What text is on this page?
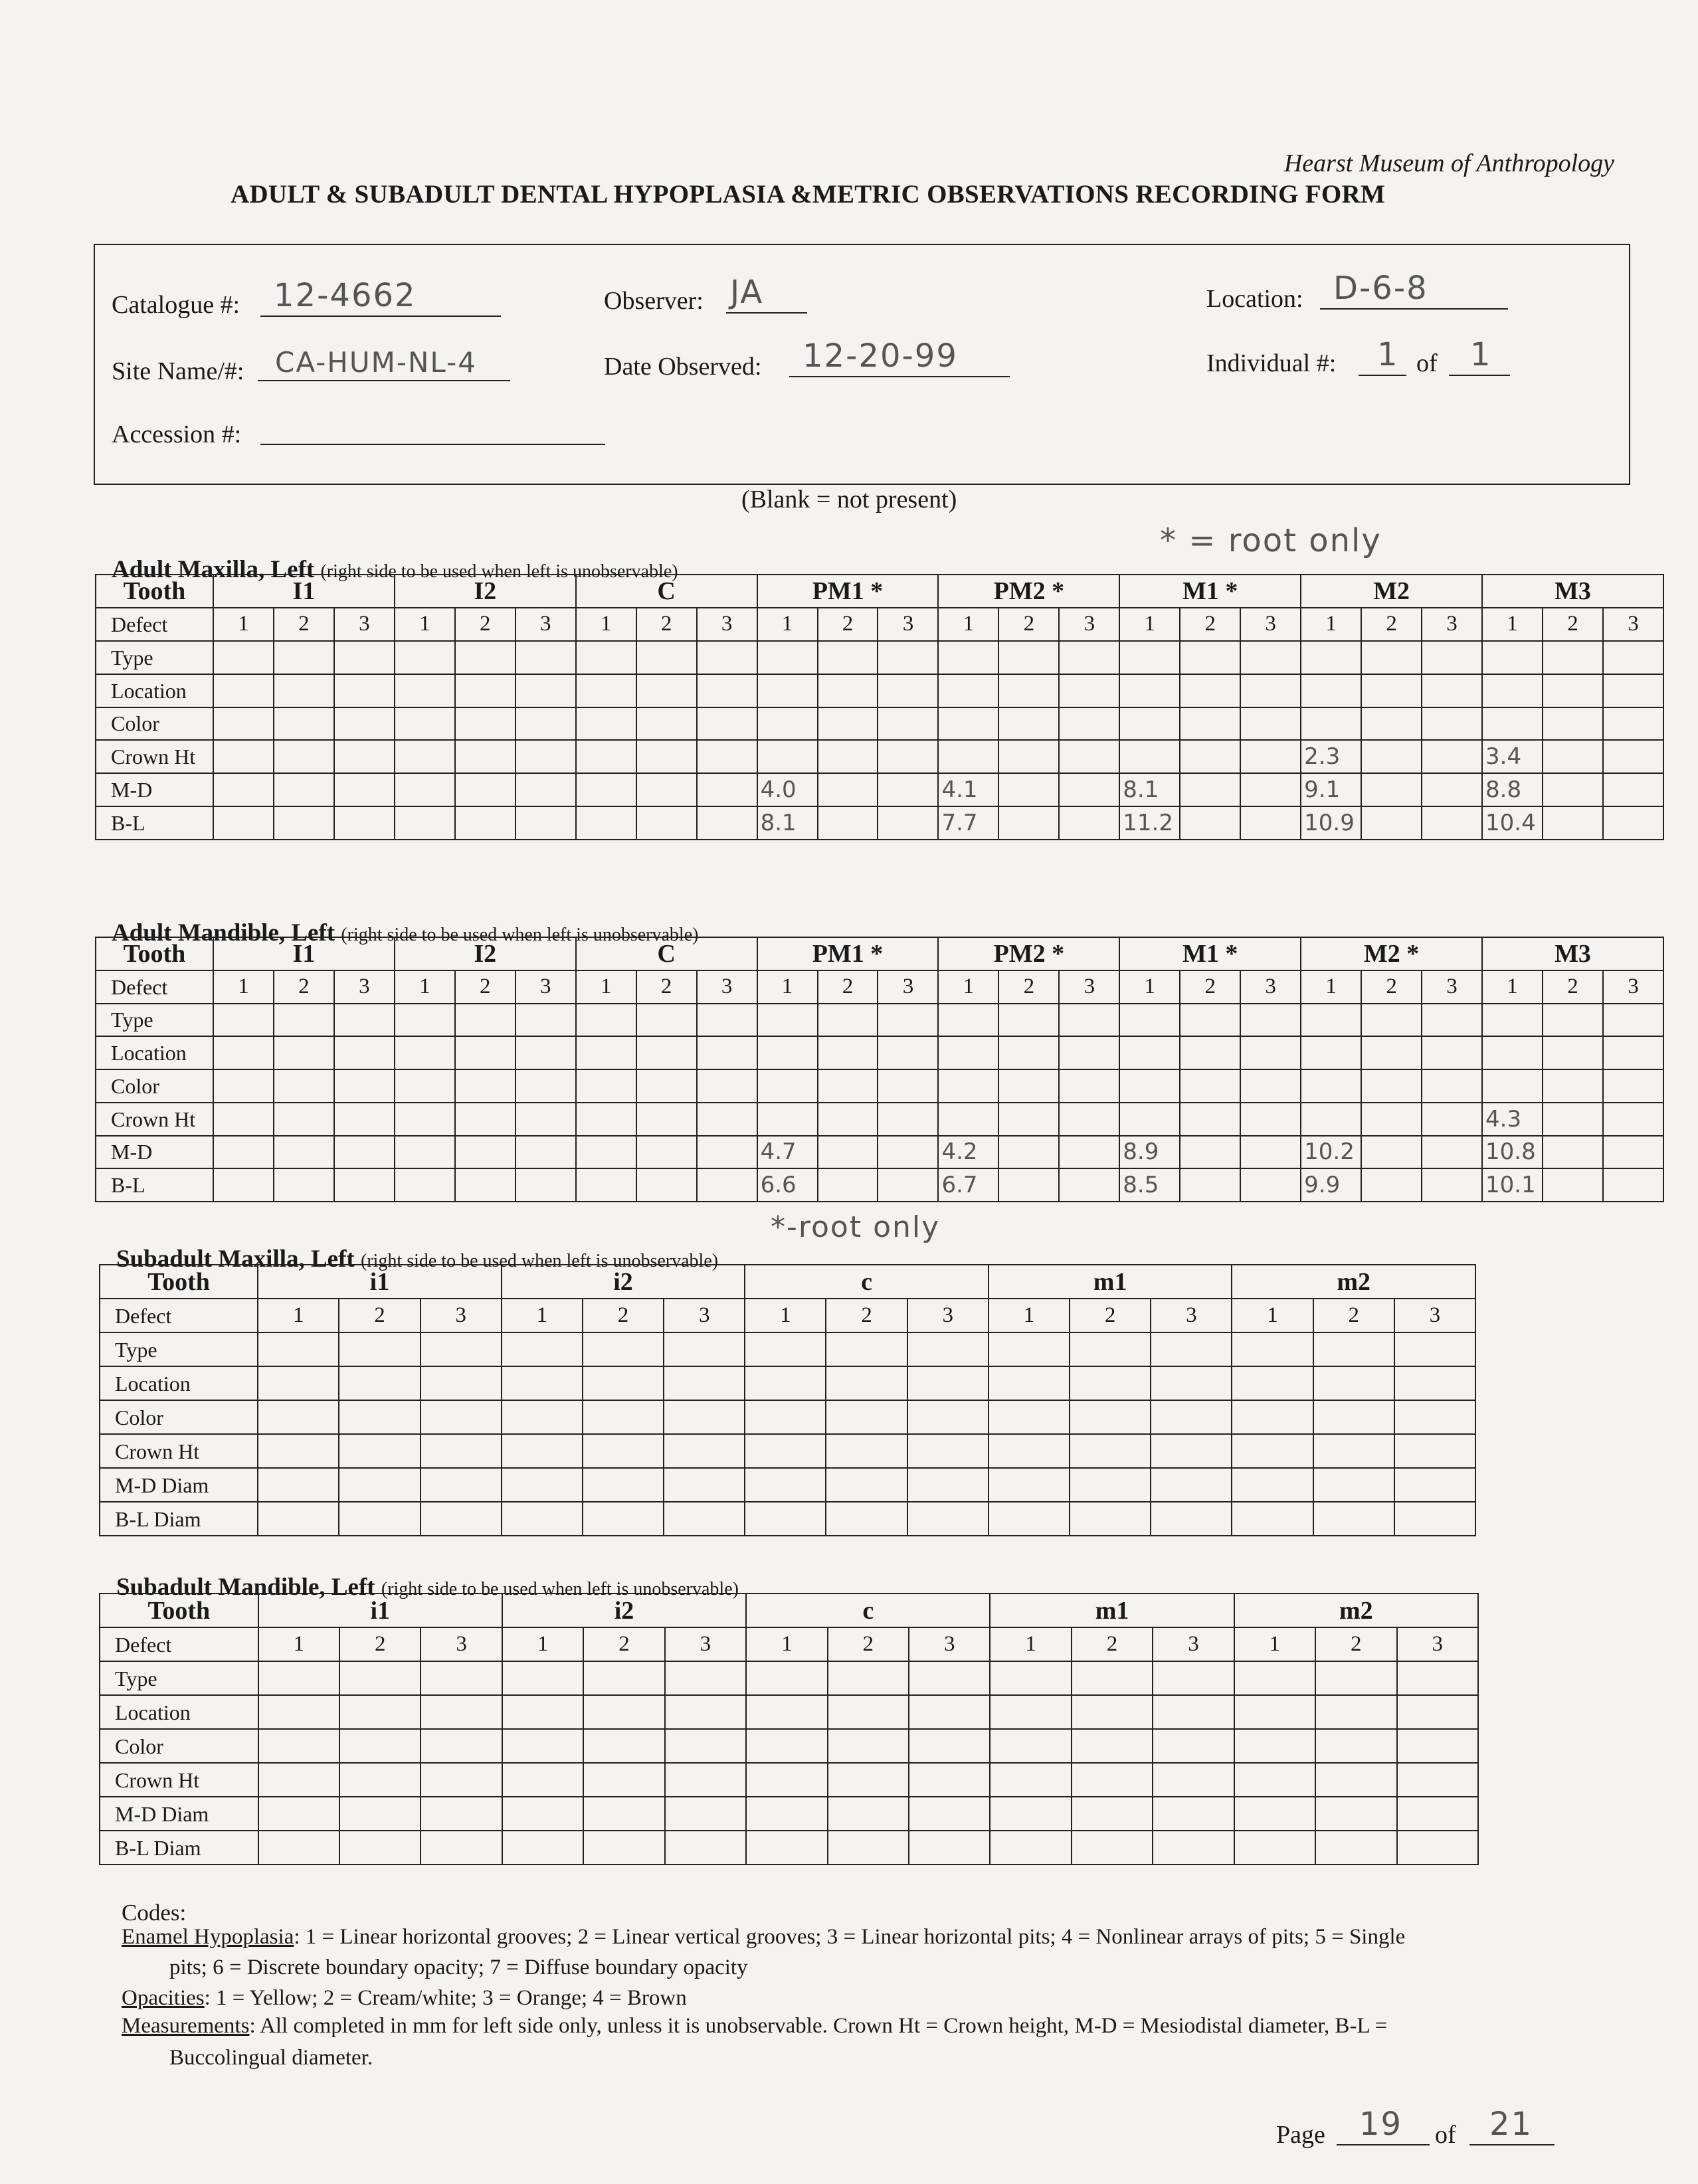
Hearst Museum of Anthropology
ADULT & SUBADULT DENTAL HYPOPLASIA &METRIC OBSERVATIONS RECORDING FORM
Catalogue #: 12-4662	Observer: JA	Location: D-6-8
Site Name/#: CA-HUM-NL-4	Date Observed: 12-20-99	Individual #: 1 of 1
Accession #:
(Blank = not present)
* = root only
Adult Maxilla, Left (right side to be used when left is unobservable)
Adult Mandible, Left (right side to be used when left is unobservable)
*-root only
Subadult Maxilla, Left (right side to be used when left is unobservable)
Subadult Mandible, Left (right side to be used when left is unobservable)
Tooth	I1			I2			C			PM1 *			PM2 *			M1 *			M2			M3		
Defect	1	2	3	1	2	3	1	2	3	1	2	3	1	2	3	1	2	3	1	2	3	1	2	3
Type																								
Location																								
Color																								
Crown Ht																			2.3			3.4		
M-D										4.0			4.1			8.1			9.1			8.8		
B-L										8.1			7.7			11.2			10.9			10.4		
Tooth	I1			I2			C			PM1 *			PM2 *			M1 *			M2 *			M3		
Defect	1	2	3	1	2	3	1	2	3	1	2	3	1	2	3	1	2	3	1	2	3	1	2	3
Type																								
Location																								
Color																								
Crown Ht																						4.3		
M-D										4.7			4.2			8.9			10.2			10.8		
B-L										6.6			6.7			8.5			9.9			10.1		
Tooth	i1			i2			c			m1			m2		
Defect	1	2	3	1	2	3	1	2	3	1	2	3	1	2	3
Type															
Location															
Color															
Crown Ht															
M-D Diam															
B-L Diam															
Tooth	i1			i2			c			m1			m2		
Defect	1	2	3	1	2	3	1	2	3	1	2	3	1	2	3
Type															
Location															
Color															
Crown Ht															
M-D Diam															
B-L Diam															
Codes:
Enamel Hypoplasia: 1 = Linear horizontal grooves; 2 = Linear vertical grooves; 3 = Linear horizontal pits; 4 = Nonlinear arrays of pits; 5 = Single
pits; 6 = Discrete boundary opacity; 7 = Diffuse boundary opacity
Opacities: 1 = Yellow; 2 = Cream/white; 3 = Orange; 4 = Brown
Measurements: All completed in mm for left side only, unless it is unobservable. Crown Ht = Crown height, M-D = Mesiodistal diameter, B-L =
Buccolingual diameter.
Page 19 of 21
